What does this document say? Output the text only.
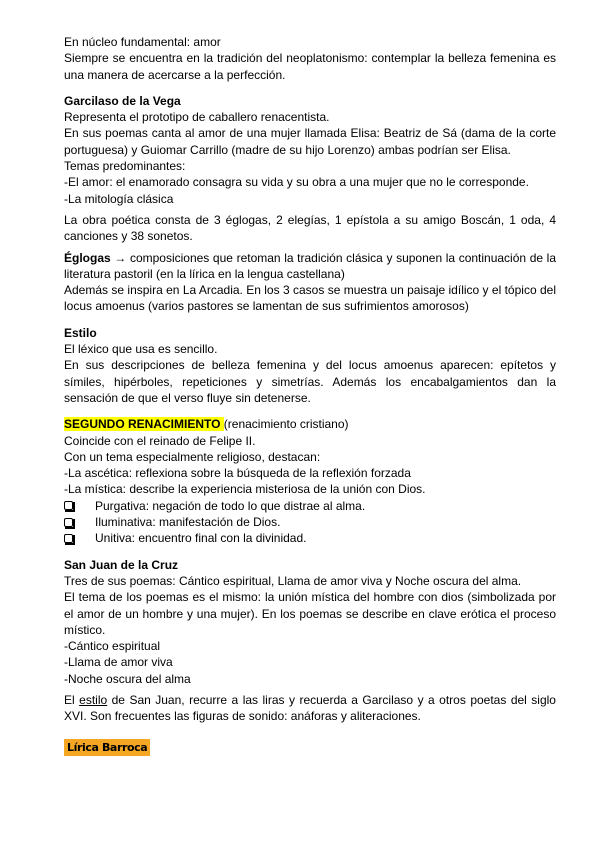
En núcleo fundamental: amor

Siempre se encuentra en la tradición del neoplatonismo: contemplar la belleza femenina es una manera de acercarse a la perfección.

Garcilaso de la Vega

Representa el prototipo de caballero renacentista.

En sus poemas canta al amor de una mujer llamada Elisa: Beatriz de Sá (dama de la corte portuguesa) y Guiomar Carrillo (madre de su hijo Lorenzo) ambas podrían ser Elisa.

Temas predominantes:

-El amor: el enamorado consagra su vida y su obra a una mujer que no le corresponde.

-La mitología clásica

La obra poética consta de 3 églogas, 2 elegías, 1 epístola a su amigo Boscán, 1 oda, 4 canciones y 38 sonetos.

Églogas → composiciones que retoman la tradición clásica y suponen la continuación de la literatura pastoril (en la lírica en la lengua castellana)

Además se inspira en La Arcadia. En los 3 casos se muestra un paisaje idílico y el tópico del locus amoenus (varios pastores se lamentan de sus sufrimientos amorosos)

Estilo

El léxico que usa es sencillo.

En sus descripciones de belleza femenina y del locus amoenus aparecen: epítetos y símiles, hipérboles, repeticiones y simetrías. Además los encabalgamientos dan la sensación de que el verso fluye sin detenerse.

SEGUNDO RENACIMIENTO (renacimiento cristiano)

Coincide con el reinado de Felipe II.

Con un tema especialmente religioso, destacan:

-La ascética: reflexiona sobre la búsqueda de la reflexión forzada

-La mística: describe la experiencia misteriosa de la unión con Dios.

Purgativa: negación de todo lo que distrae al alma.
Iluminativa: manifestación de Dios.
Unitiva: encuentro final con la divinidad.

San Juan de la Cruz

Tres de sus poemas: Cántico espiritual, Llama de amor viva y Noche oscura del alma.

El tema de los poemas es el mismo: la unión mística del hombre con dios (simbolizada por el amor de un hombre y una mujer). En los poemas se describe en clave erótica el proceso místico.

-Cántico espiritual

-Llama de amor viva

-Noche oscura del alma

El estilo de San Juan, recurre a las liras y recuerda a Garcilaso y a otros poetas del siglo XVI. Son frecuentes las figuras de sonido: anáforas y aliteraciones.

Lírica Barroca
